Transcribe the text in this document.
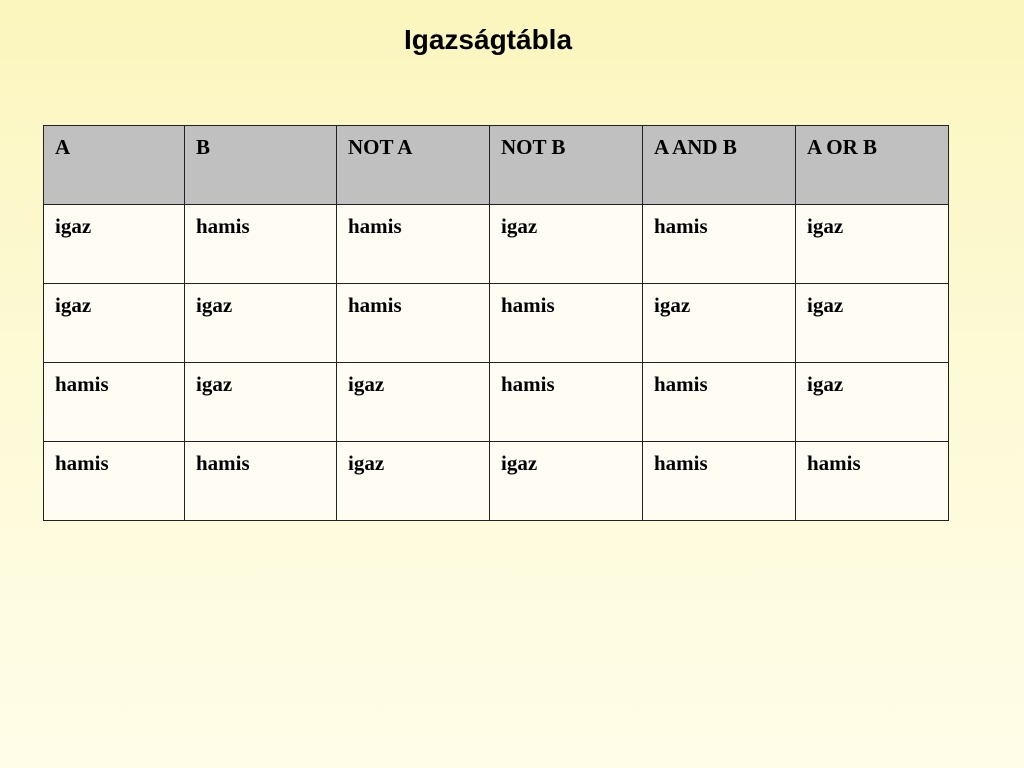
Igazságtábla
A	B	NOT A	NOT B	A AND B	A OR B
igaz	hamis	hamis	igaz	hamis	igaz
igaz	igaz	hamis	hamis	igaz	igaz
hamis	igaz	igaz	hamis	hamis	igaz
hamis	hamis	igaz	igaz	hamis	hamis
